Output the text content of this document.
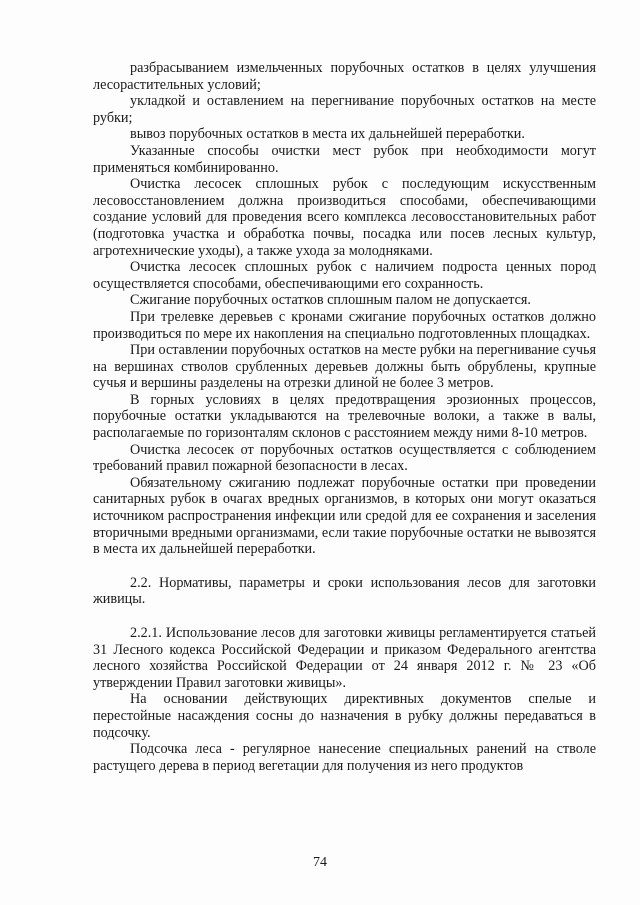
разбрасыванием измельченных порубочных остатков в целях улучшения лесорастительных условий;

укладкой и оставлением на перегнивание порубочных остатков на месте рубки;

вывоз порубочных остатков в места их дальнейшей переработки.

Указанные способы очистки мест рубок при необходимости могут применяться комбинированно.

Очистка лесосек сплошных рубок с последующим искусственным лесовосстановлением должна производиться способами, обеспечивающими создание условий для проведения всего комплекса лесовосстановительных работ (подготовка участка и обработка почвы, посадка или посев лесных культур, агротехнические уходы), а также ухода за молодняками.

Очистка лесосек сплошных рубок с наличием подроста ценных пород осуществляется способами, обеспечивающими его сохранность.

Сжигание порубочных остатков сплошным палом не допускается.

При трелевке деревьев с кронами сжигание порубочных остатков должно производиться по мере их накопления на специально подготовленных площадках.

При оставлении порубочных остатков на месте рубки на перегнивание сучья на вершинах стволов срубленных деревьев должны быть обрублены, крупные сучья и вершины разделены на отрезки длиной не более 3 метров.

В горных условиях в целях предотвращения эрозионных процессов, порубочные остатки укладываются на трелевочные волоки, а также в валы, располагаемые по горизонталям склонов с расстоянием между ними 8-10 метров.

Очистка лесосек от порубочных остатков осуществляется с соблюдением требований правил пожарной безопасности в лесах.

Обязательному сжиганию подлежат порубочные остатки при проведении санитарных рубок в очагах вредных организмов, в которых они могут оказаться источником распространения инфекции или средой для ее сохранения и заселения вторичными вредными организмами, если такие порубочные остатки не вывозятся в места их дальнейшей переработки.

2.2. Нормативы, параметры и сроки использования лесов для заготовки живицы.

2.2.1. Использование лесов для заготовки живицы регламентируется статьей 31 Лесного кодекса Российской Федерации и приказом Федерального агентства лесного хозяйства Российской Федерации от 24 января 2012 г. № 23 «Об утверждении Правил заготовки живицы».

На основании действующих директивных документов спелые и перестойные насаждения сосны до назначения в рубку должны передаваться в подсочку.

Подсочка леса - регулярное нанесение специальных ранений на стволе растущего дерева в период вегетации для получения из него продуктов

74
